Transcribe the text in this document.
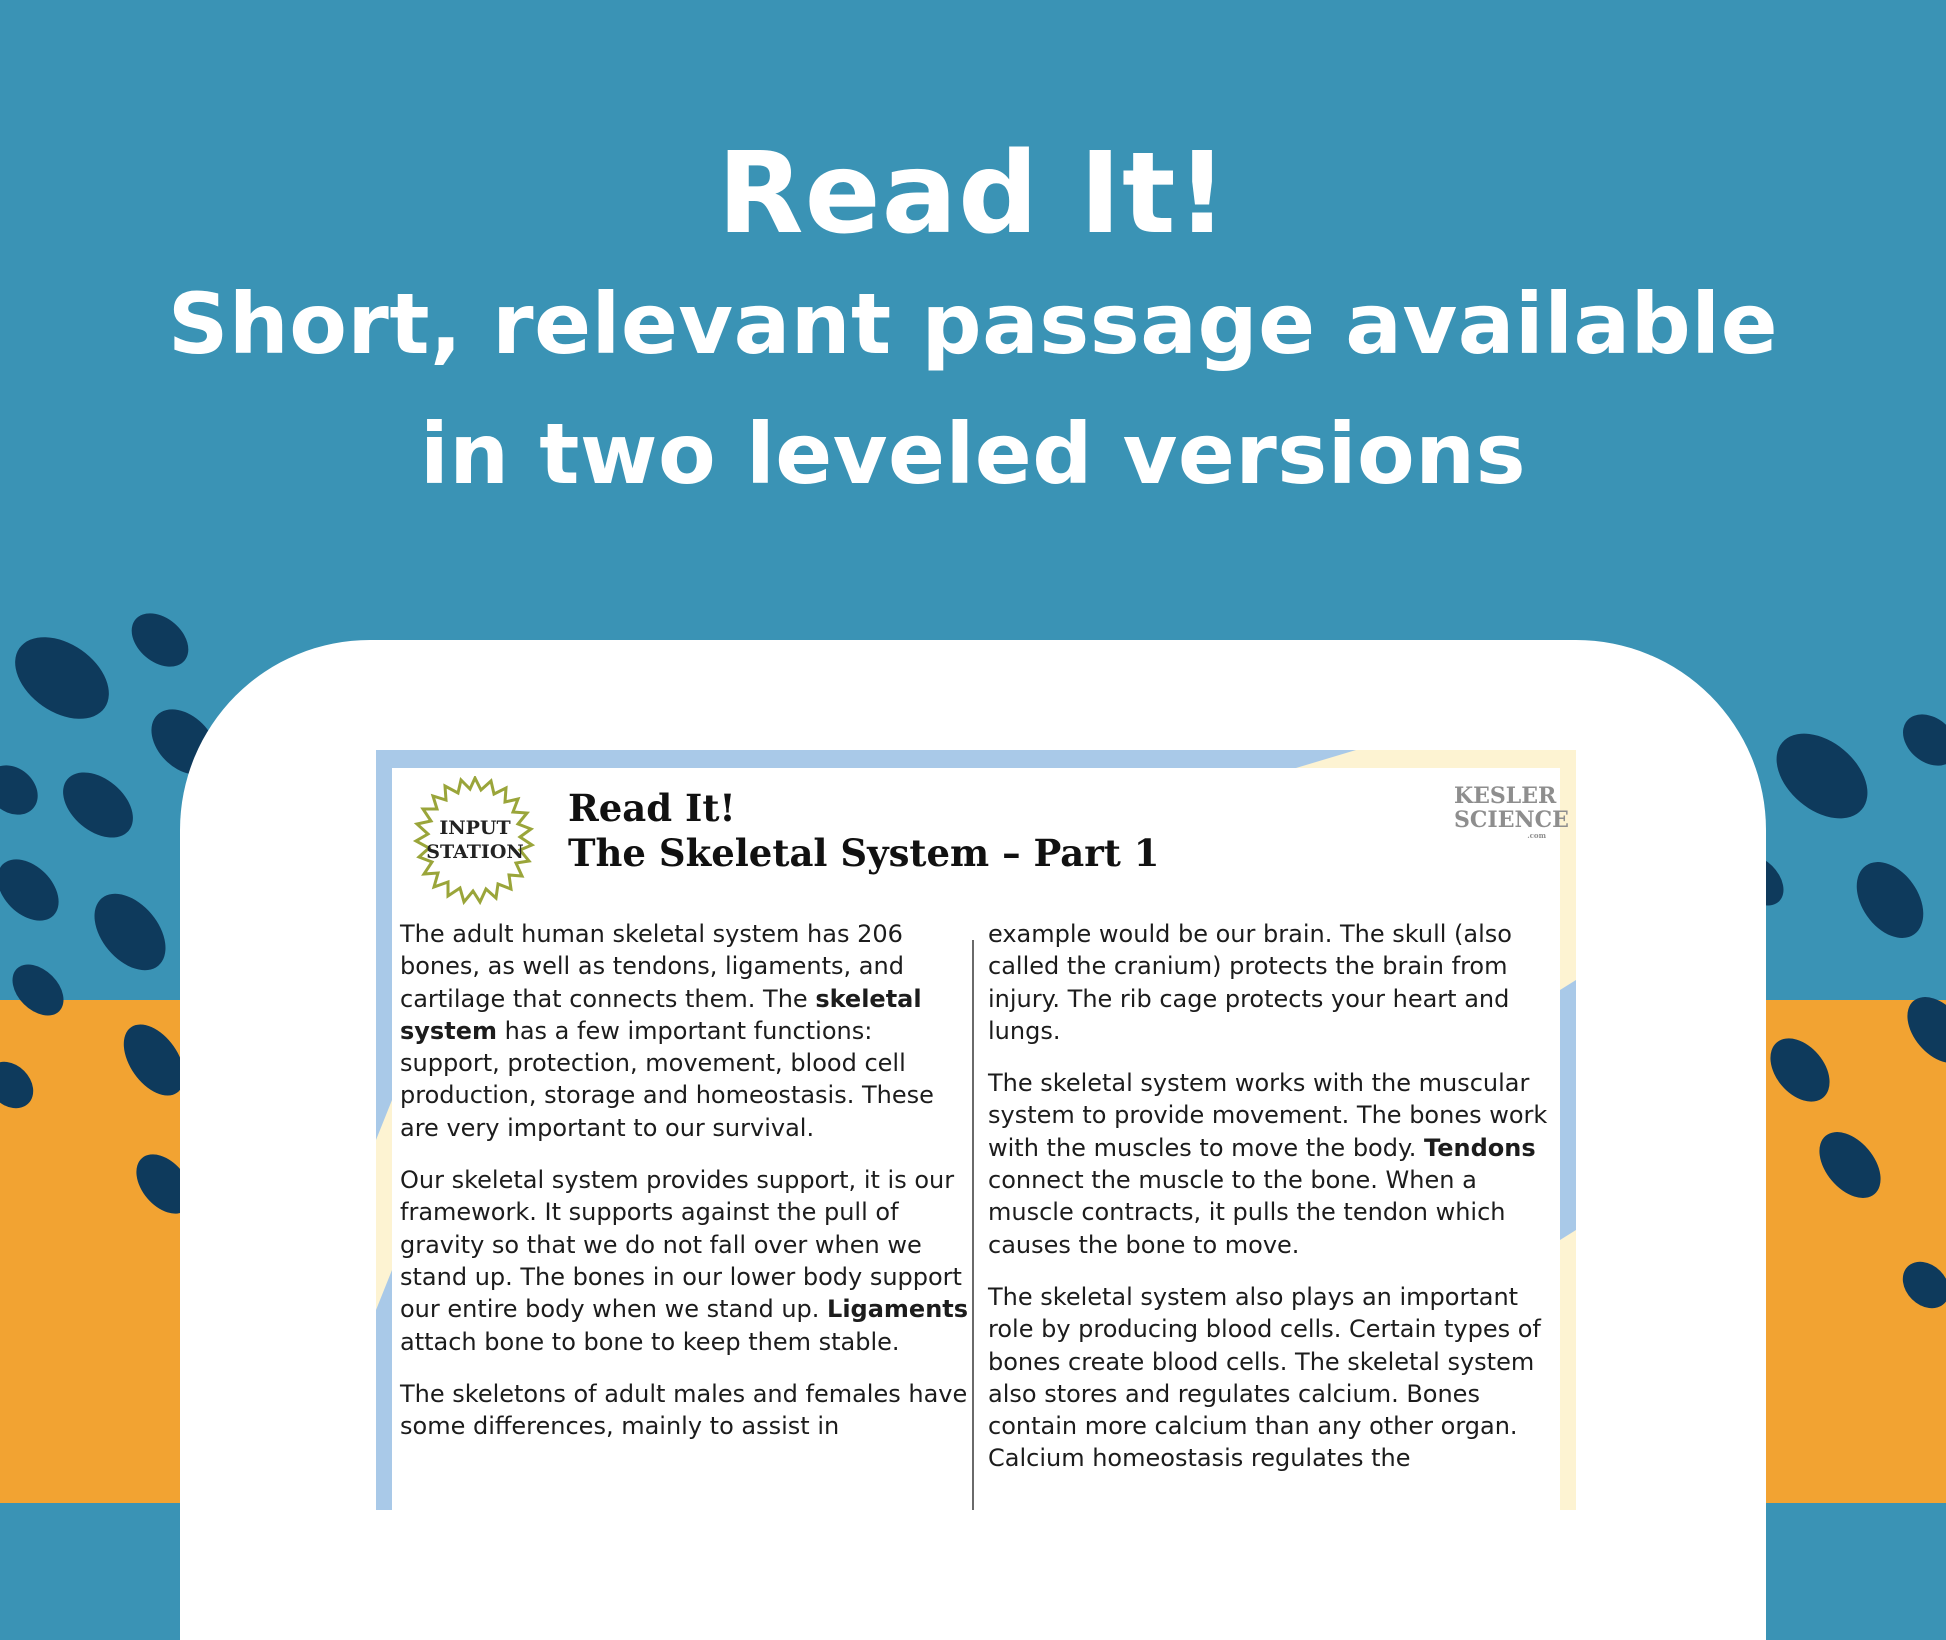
Read It!
Short, relevant passage available
in two leveled versions
INPUT
STATION
Read It!
The Skeletal System – Part 1
KESLER
SCIENCE
.com

The adult human skeletal system has 206 bones, as well as tendons, ligaments, and cartilage that connects them. The skeletal system has a few important functions: support, protection, movement, blood cell production, storage and homeostasis. These are very important to our survival.

Our skeletal system provides support, it is our framework. It supports against the pull of gravity so that we do not fall over when we stand up. The bones in our lower body support our entire body when we stand up. Ligaments attach bone to bone to keep them stable.

The skeletons of adult males and females have some differences, mainly to assist in

example would be our brain. The skull (also called the cranium) protects the brain from injury. The rib cage protects your heart and lungs.

The skeletal system works with the muscular system to provide movement. The bones work with the muscles to move the body. Tendons connect the muscle to the bone. When a muscle contracts, it pulls the tendon which causes the bone to move.

The skeletal system also plays an important role by producing blood cells. Certain types of bones create blood cells. The skeletal system also stores and regulates calcium. Bones contain more calcium than any other organ. Calcium homeostasis regulates the
